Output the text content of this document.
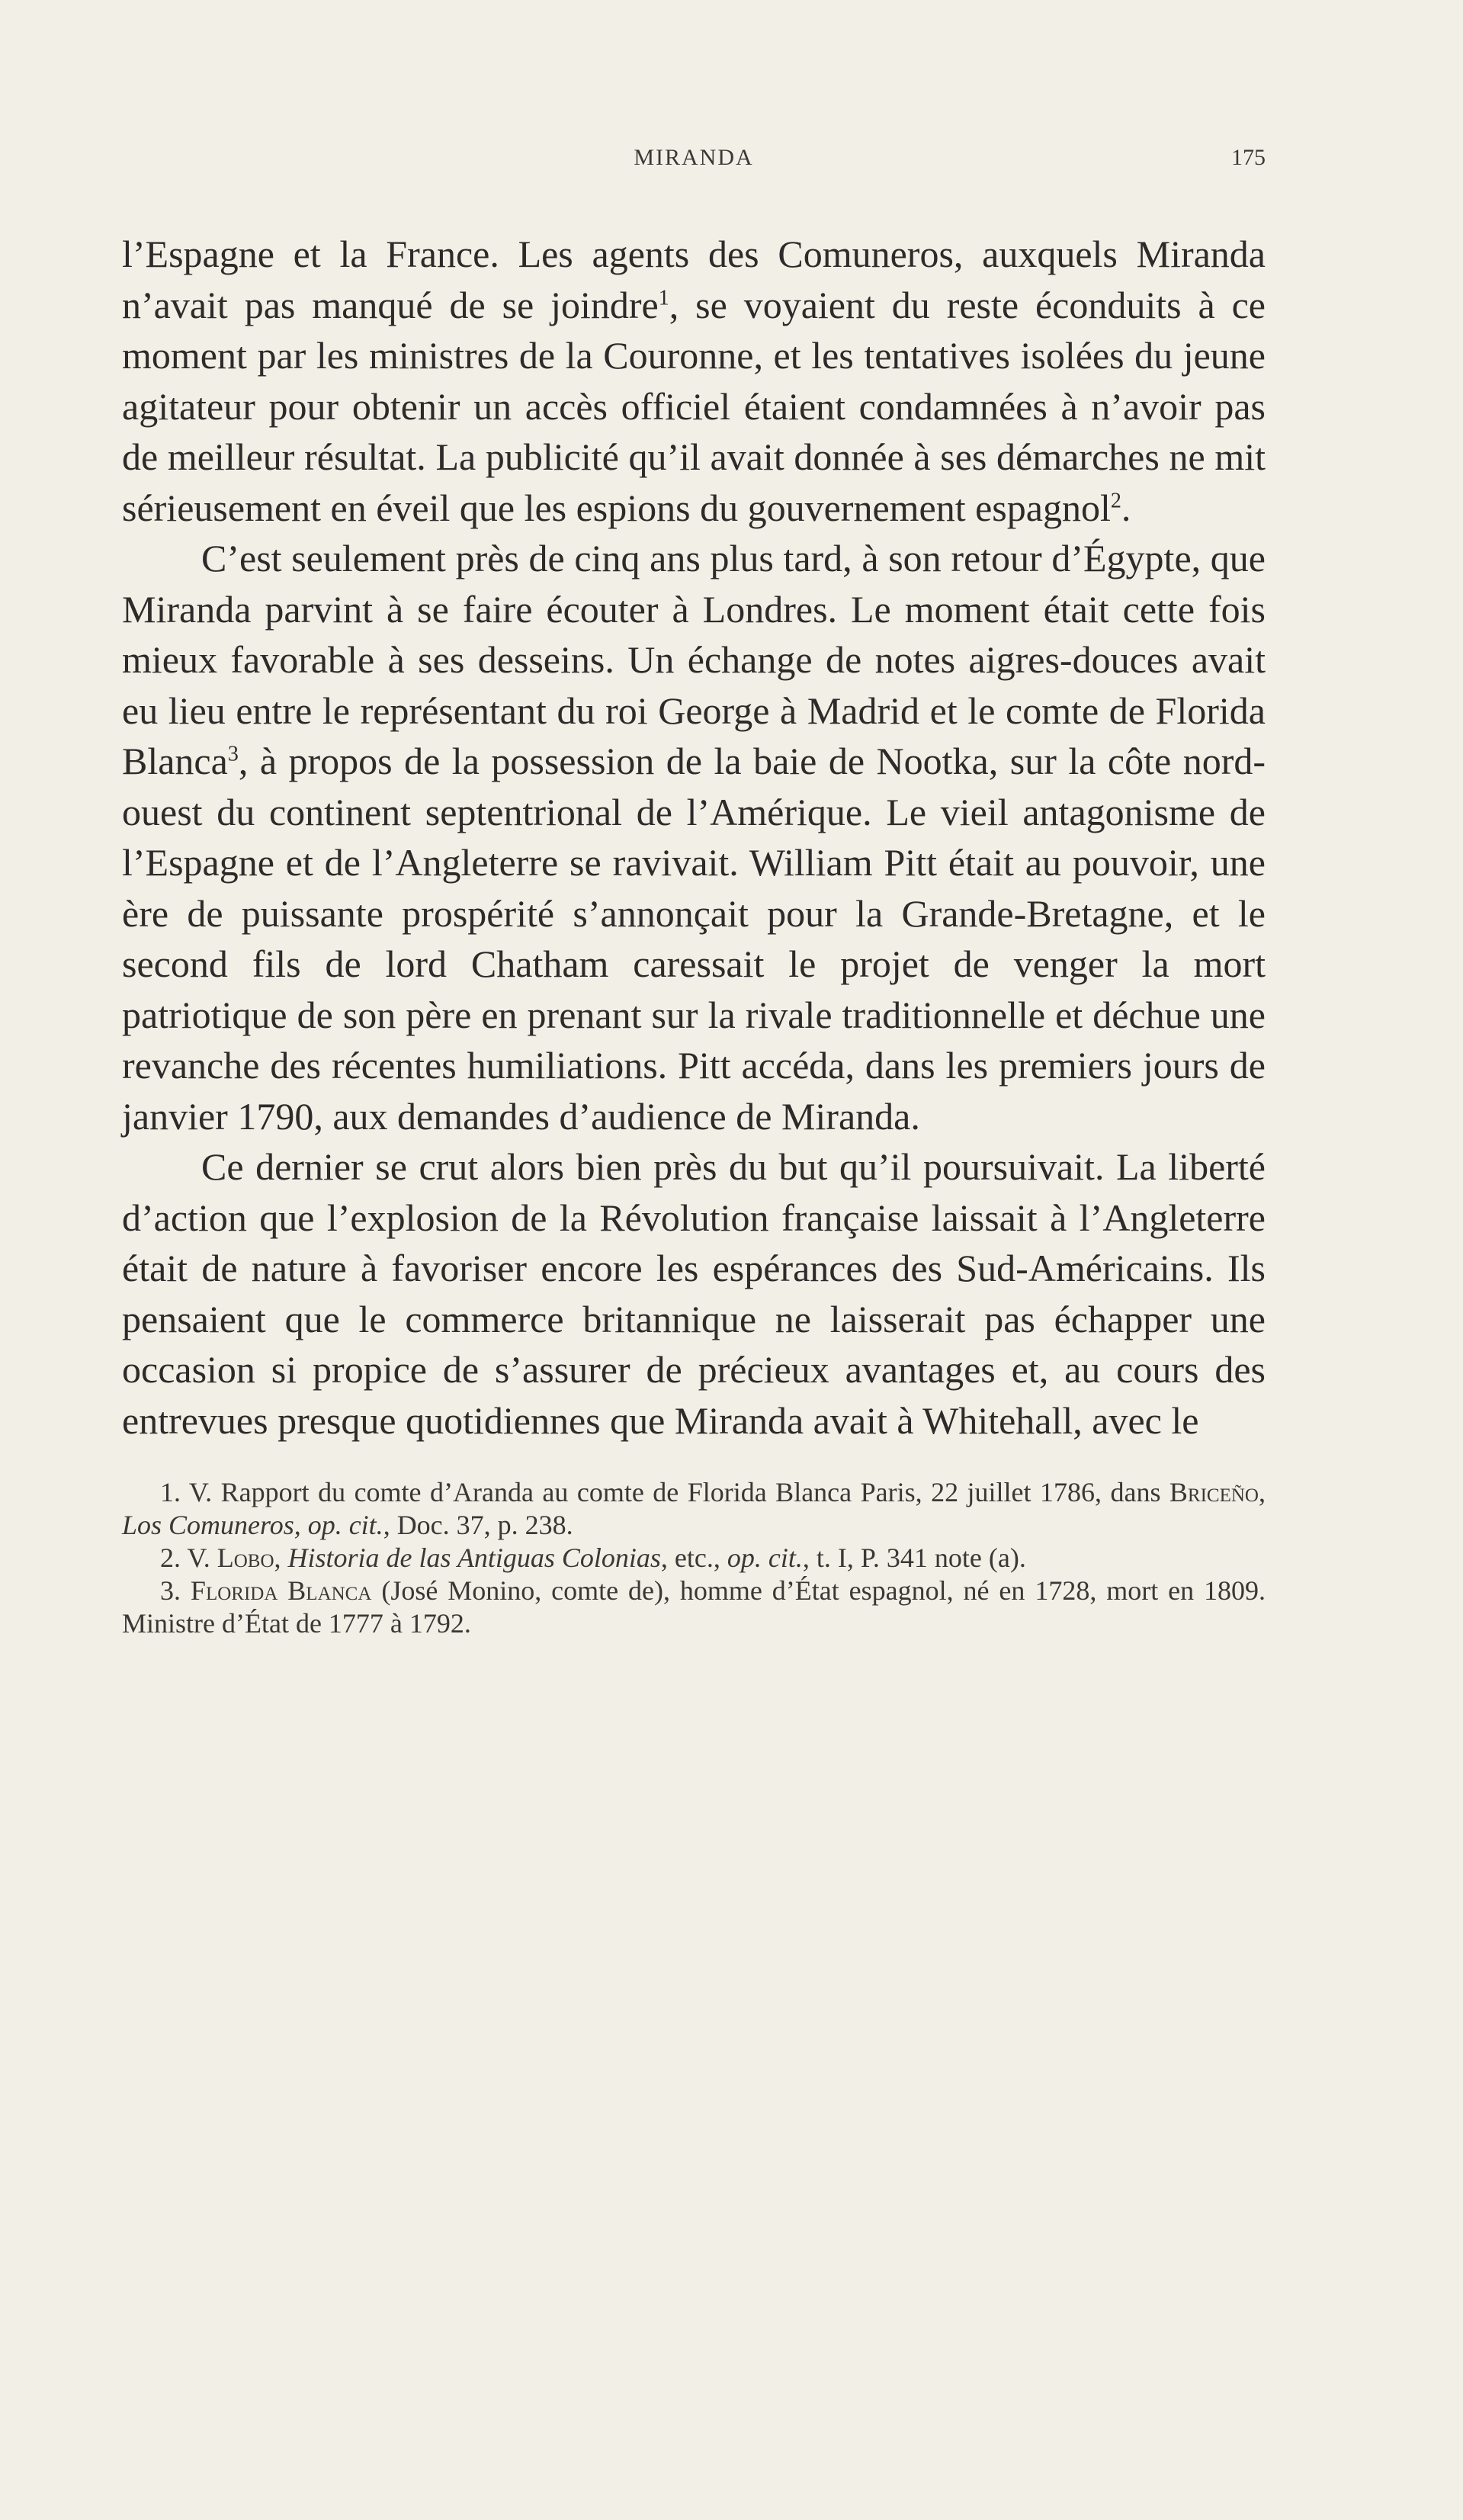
MIRANDA	175

l’Espagne et la France. Les agents des Comuneros, auxquels Miranda n’avait pas manqué de se joindre$^1$, se voyaient du reste éconduits à ce moment par les ministres de la Couronne, et les tentatives isolées du jeune agitateur pour obtenir un accès officiel étaient condamnées à n’avoir pas de meilleur résultat. La publicité qu’il avait donnée à ses démarches ne mit sérieusement en éveil que les espions du gouvernement espagnol$^2$.

C’est seulement près de cinq ans plus tard, à son retour d’Égypte, que Miranda parvint à se faire écouter à Londres. Le moment était cette fois mieux favorable à ses desseins. Un échange de notes aigres-douces avait eu lieu entre le représentant du roi George à Madrid et le comte de Florida Blanca$^3$, à propos de la possession de la baie de Nootka, sur la côte nord-ouest du continent septentrional de l’Amérique. Le vieil antagonisme de l’Espagne et de l’Angleterre se ravivait. William Pitt était au pouvoir, une ère de puissante prospérité s’annonçait pour la Grande-Bretagne, et le second fils de lord Chatham caressait le projet de venger la mort patriotique de son père en prenant sur la rivale traditionnelle et déchue une revanche des récentes humiliations. Pitt accéda, dans les premiers jours de janvier 1790, aux demandes d’audience de Miranda.

Ce dernier se crut alors bien près du but qu’il poursuivait. La liberté d’action que l’explosion de la Révolution française laissait à l’Angleterre était de nature à favoriser encore les espérances des Sud-Américains. Ils pensaient que le commerce britannique ne laisserait pas échapper une occasion si propice de s’assurer de précieux avantages et, au cours des entrevues presque quotidiennes que Miranda avait à Whitehall, avec le

1. V. Rapport du comte d’Aranda au comte de Florida Blanca Paris, 22 juillet 1786, dans Briceño, Los Comuneros, op. cit., Doc. 37, p. 238.

2. V. Lobo, Historia de las Antiguas Colonias, etc., op. cit., t. I, P. 341 note (a).

3. Florida Blanca (José Monino, comte de), homme d’État espagnol, né en 1728, mort en 1809. Ministre d’État de 1777 à 1792.
